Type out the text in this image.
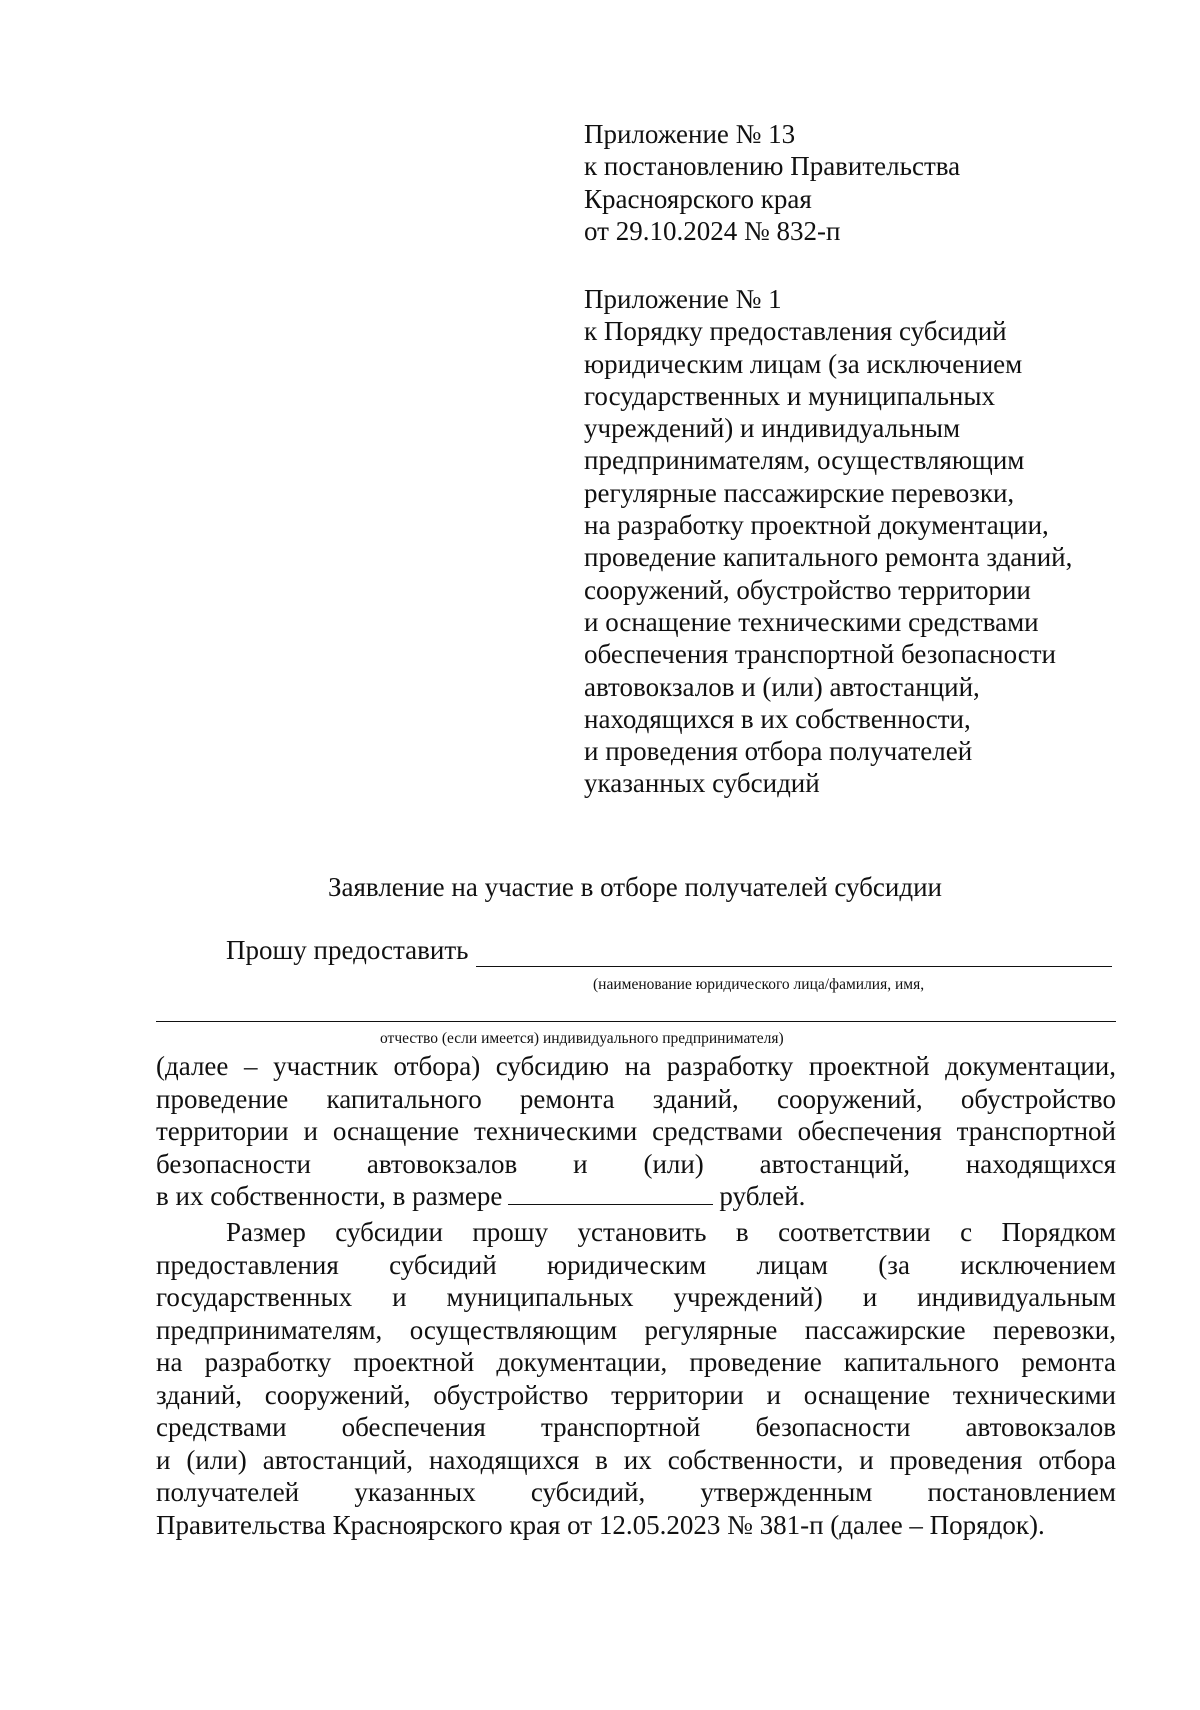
Приложение № 13
к постановлению Правительства
Красноярского края
от 29.10.2024 № 832-п
Приложение № 1
к Порядку предоставления субсидий
юридическим лицам (за исключением
государственных и муниципальных
учреждений) и индивидуальным
предпринимателям, осуществляющим
регулярные пассажирские перевозки,
на разработку проектной документации,
проведение капитального ремонта зданий,
сооружений, обустройство территории
и оснащение техническими средствами
обеспечения транспортной безопасности
автовокзалов и (или) автостанций,
находящихся в их собственности,
и проведения отбора получателей
указанных субсидий
Заявление на участие в отборе получателей субсидии
Прошу предоставить
(наименование юридического лица/фамилия, имя,
отчество (если имеется) индивидуального предпринимателя)
(далее – участник отбора) субсидию на разработку проектной документации,
проведение капитального ремонта зданий, сооружений, обустройство
территории и оснащение техническими средствами обеспечения транспортной
безопасности автовокзалов и (или) автостанций, находящихся
в их собственности, в размере	рублей.
Размер субсидии прошу установить в соответствии с Порядком
предоставления субсидий юридическим лицам (за исключением
государственных и муниципальных учреждений) и индивидуальным
предпринимателям, осуществляющим регулярные пассажирские перевозки,
на разработку проектной документации, проведение капитального ремонта
зданий, сооружений, обустройство территории и оснащение техническими
средствами обеспечения транспортной безопасности автовокзалов
и (или) автостанций, находящихся в их собственности, и проведения отбора
получателей указанных субсидий, утвержденным постановлением
Правительства Красноярского края от 12.05.2023 № 381-п (далее – Порядок).
